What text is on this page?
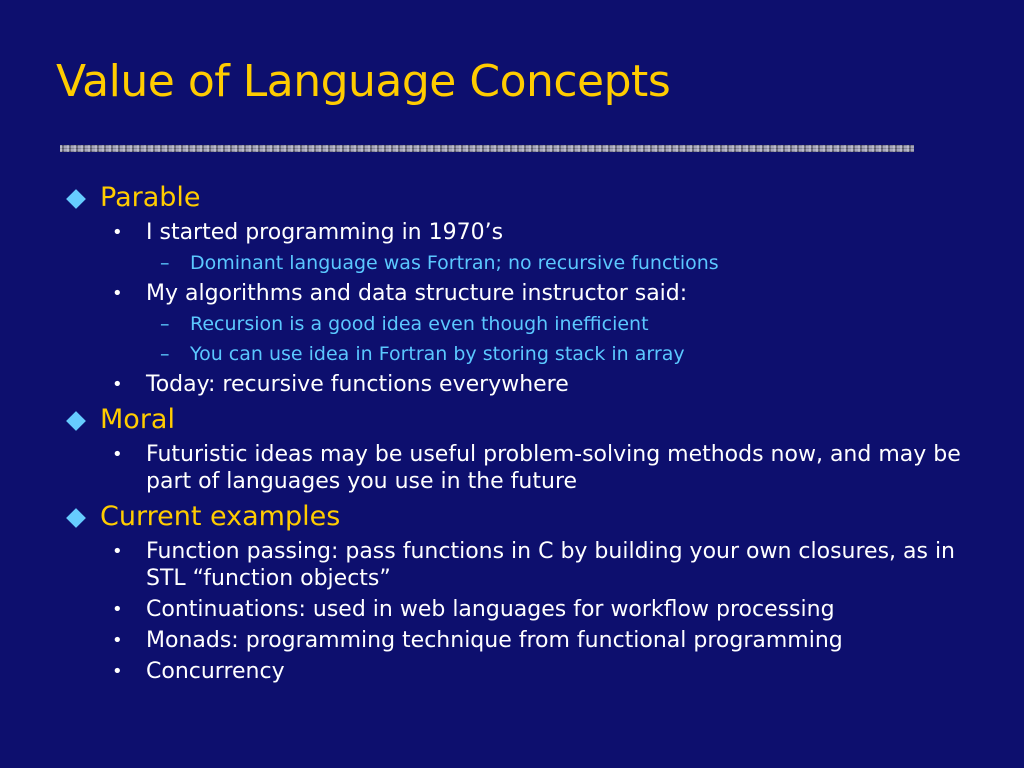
Value of Language Concepts
Parable
• I started programming in 1970’s
– Dominant language was Fortran; no recursive functions
• My algorithms and data structure instructor said:
– Recursion is a good idea even though inefficient
– You can use idea in Fortran by storing stack in array
• Today: recursive functions everywhere
Moral
• Futuristic ideas may be useful problem-solving methods now, and may be part of languages you use in the future
Current examples
• Function passing: pass functions in C by building your own closures, as in STL “function objects”
• Continuations: used in web languages for workflow processing
• Monads: programming technique from functional programming
• Concurrency
